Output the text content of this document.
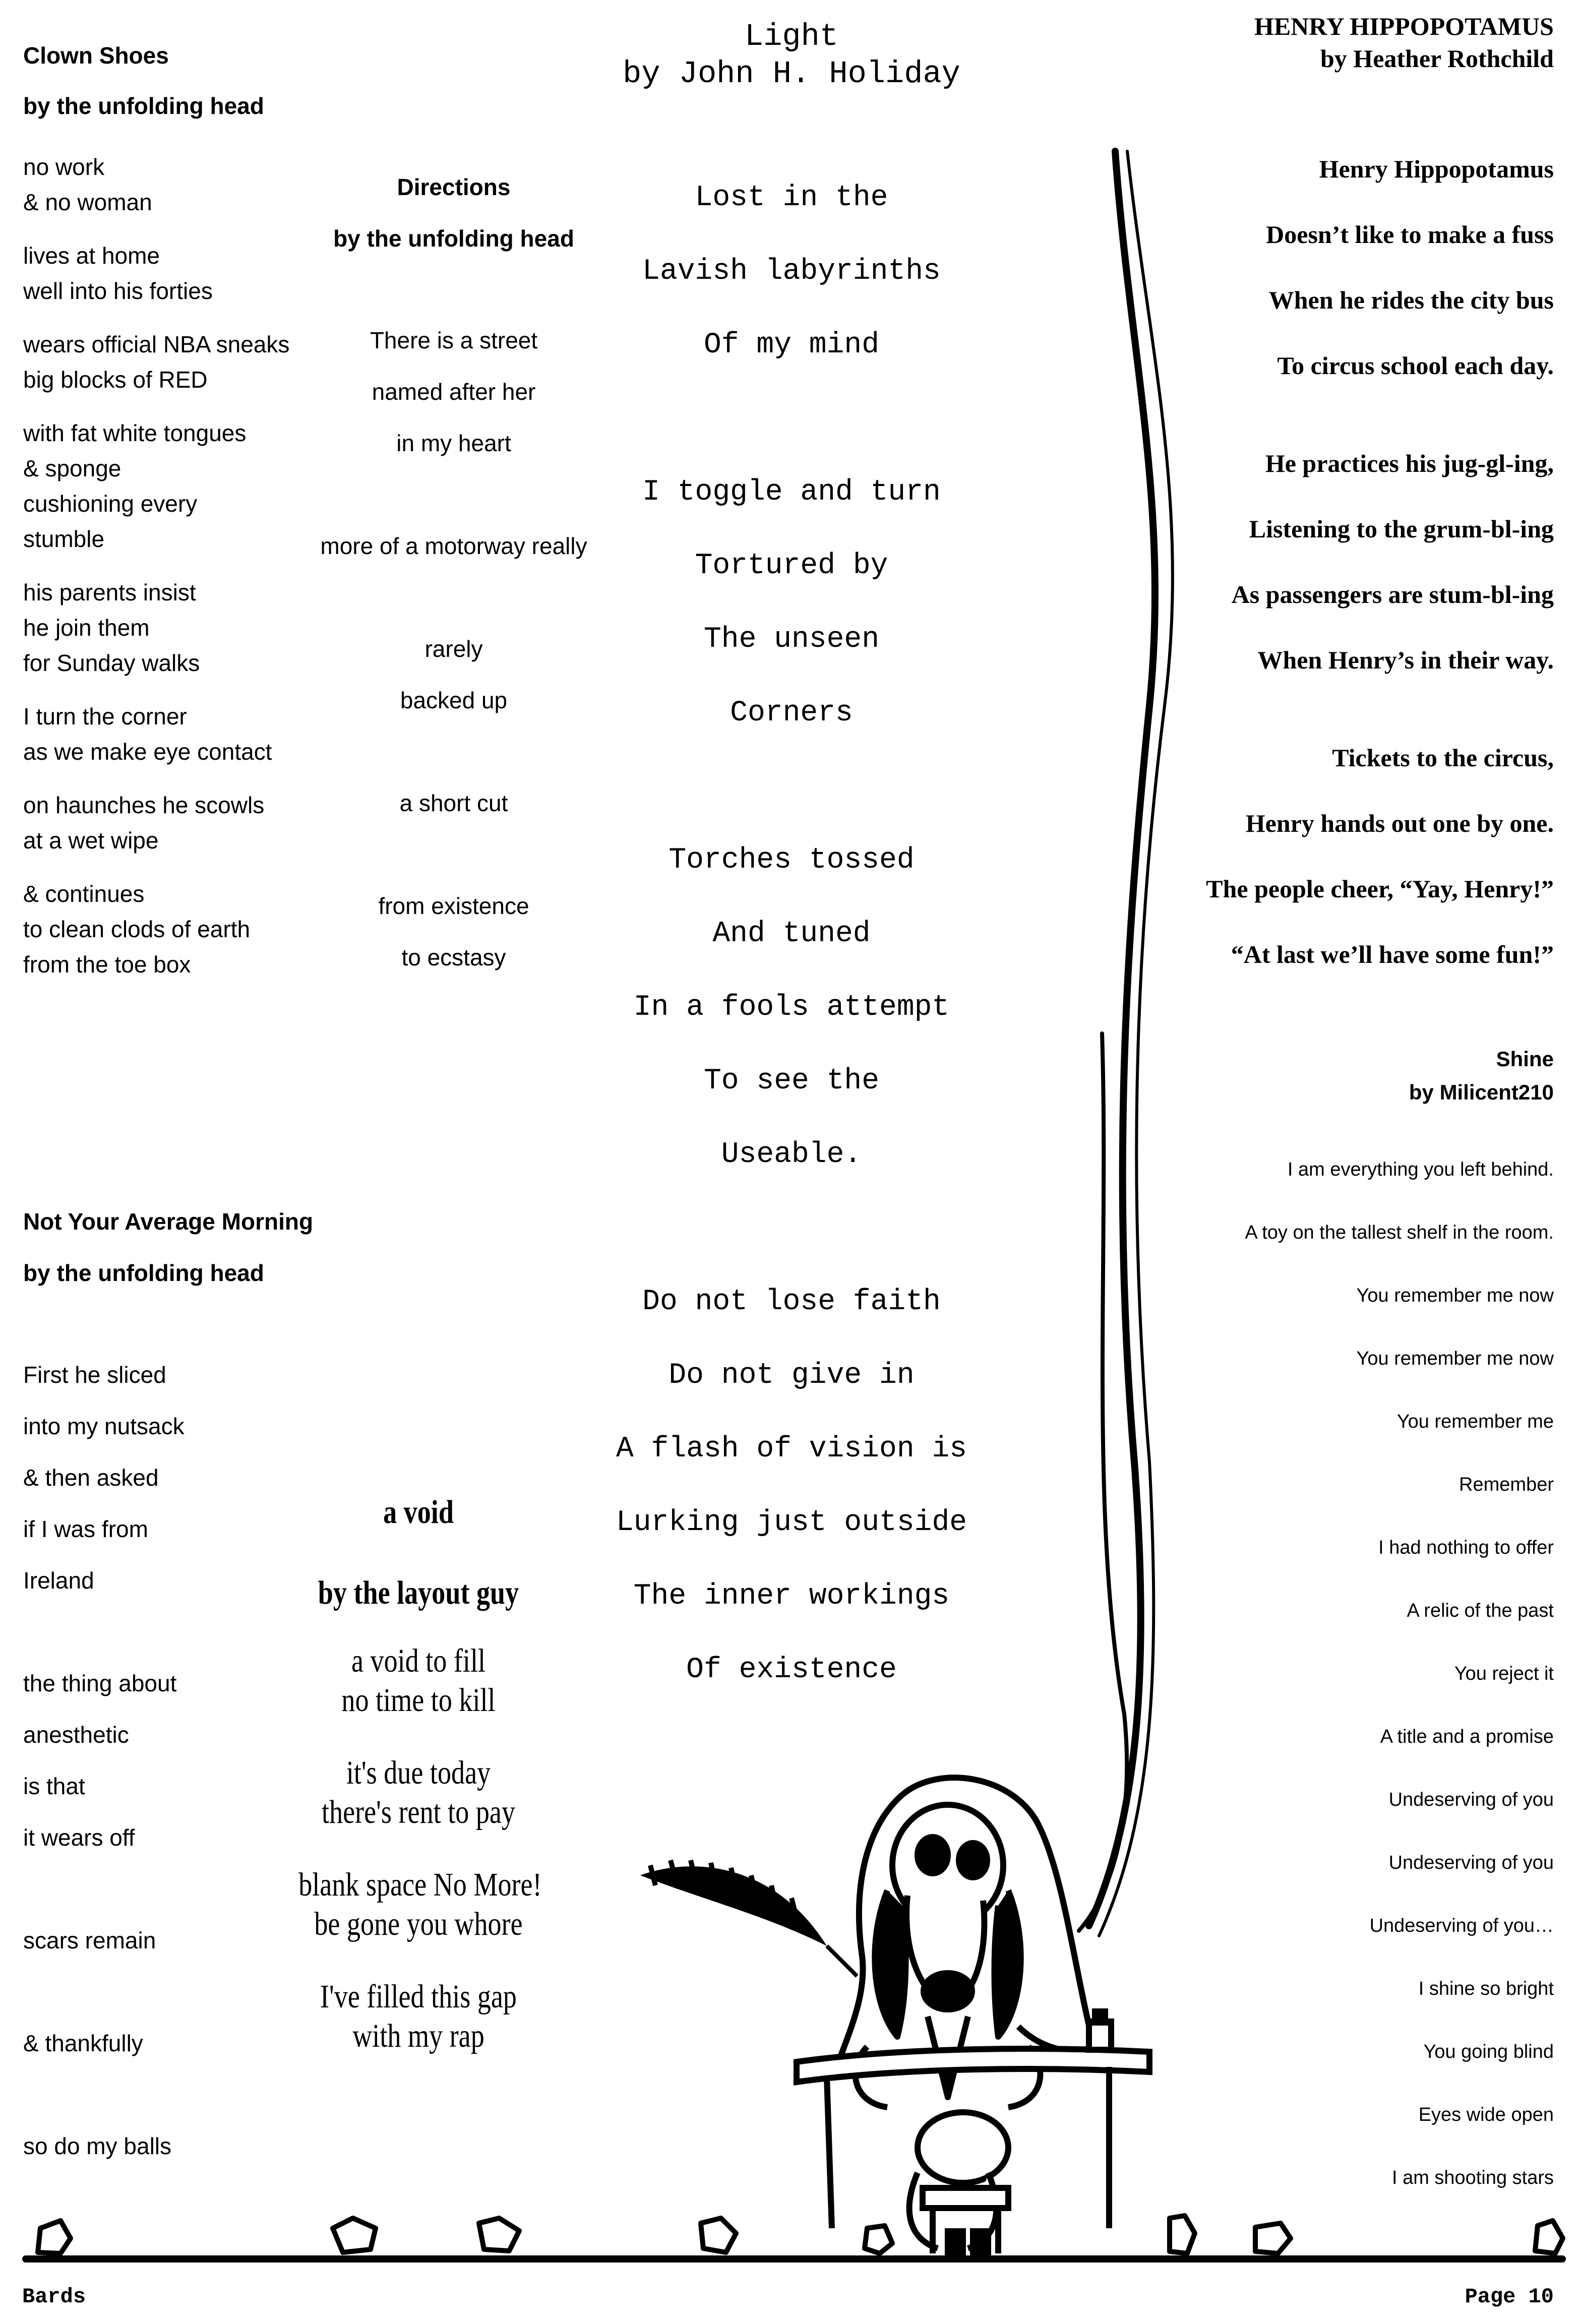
Clown Shoes
by the unfolding head
no work
& no woman
lives at home
well into his forties
wears official NBA sneaks
big blocks of RED
with fat white tongues
& sponge
cushioning every
stumble
his parents insist
he join them
for Sunday walks
I turn the corner
as we make eye contact
on haunches he scowls
at a wet wipe
& continues
to clean clods of earth
from the toe box
Not Your Average Morning
by the unfolding head
First he sliced
into my nutsack
& then asked
if I was from
Ireland
the thing about
anesthetic
is that
it wears off
scars remain
& thankfully
so do my balls
Directions
by the unfolding head
There is a street
named after her
in my heart
more of a motorway really
rarely
backed up
a short cut
from existence
to ecstasy
a void
by the layout guy
a void to fill
no time to kill
it's due today
there's rent to pay
blank space No More!
be gone you whore
I've filled this gap
with my rap
Light
by John H. Holiday
Lost in the
Lavish labyrinths
Of my mind
I toggle and turn
Tortured by
The unseen
Corners
Torches tossed
And tuned
In a fools attempt
To see the
Useable.
Do not lose faith
Do not give in
A flash of vision is
Lurking just outside
The inner workings
Of existence
HENRY HIPPOPOTAMUS
by Heather Rothchild
Henry Hippopotamus
Doesn’t like to make a fuss
When he rides the city bus
To circus school each day.
He practices his jug-gl-ing,
Listening to the grum-bl-ing
As passengers are stum-bl-ing
When Henry’s in their way.
Tickets to the circus,
Henry hands out one by one.
The people cheer, “Yay, Henry!”
“At last we’ll have some fun!”
Shine
by Milicent210
I am everything you left behind.
A toy on the tallest shelf in the room.
You remember me now
You remember me now
You remember me
Remember
I had nothing to offer
A relic of the past
You reject it
A title and a promise
Undeserving of you
Undeserving of you
Undeserving of you…
I shine so bright
You going blind
Eyes wide open
I am shooting stars
Bards	Page 10
